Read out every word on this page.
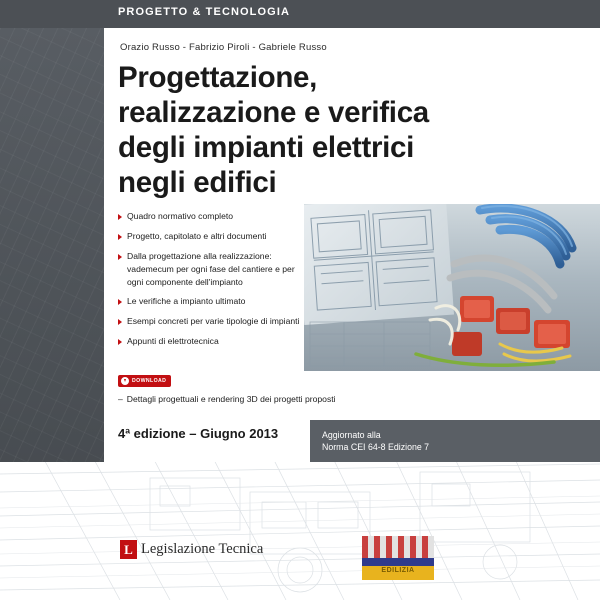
PROGETTO & TECNOLOGIA
Orazio Russo - Fabrizio Piroli - Gabriele Russo
Progettazione,
realizzazione e verifica
degli impianti elettrici
negli edifici
Quadro normativo completo
Progetto, capitolato e altri documenti
Dalla progettazione alla realizzazione: vademecum per ogni fase del cantiere e per ogni componente dell'impianto
Le verifiche a impianto ultimato
Esempi concreti per varie tipologie di impianti
Appunti di elettrotecnica
DOWNLOAD
– Dettagli progettuali e rendering 3D dei progetti proposti
4ª edizione – Giugno 2013	Aggiornato alla
Norma CEI 64-8 Edizione 7
L Legislazione Tecnica
EDILIZIA
